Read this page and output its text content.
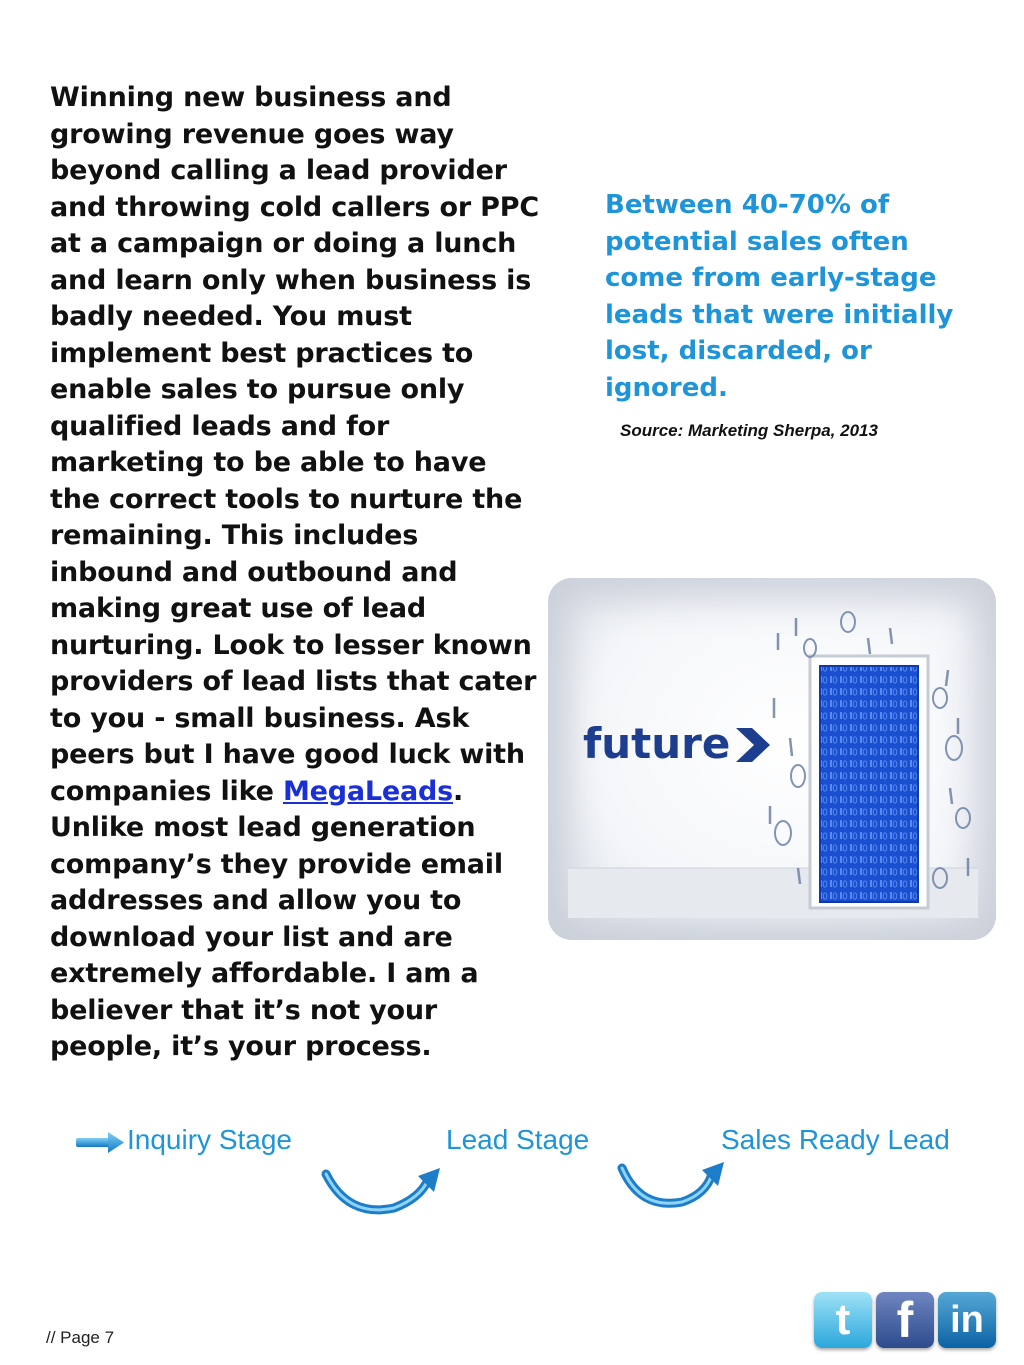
Winning new business and growing revenue goes way beyond calling a lead provider and throwing cold callers or PPC at a campaign or doing a lunch and learn only when business is badly needed. You must implement best practices to enable sales to pursue only qualified leads and for marketing to be able to have the correct tools to nurture the remaining. This includes inbound and outbound and making great use of lead nurturing. Look to lesser known providers of lead lists that cater to you - small business. Ask peers but I have good luck with companies like MegaLeads. Unlike most lead generation company’s they provide email addresses and allow you to download your list and are extremely affordable. I am a believer that it’s not your people, it’s your process.
Between 40-70% of potential sales often come from early-stage leads that were initially lost, discarded, or ignored.
Source: Marketing Sherpa, 2013
future
Inquiry Stage	Lead Stage	Sales Ready Lead
// Page 7	t f in
